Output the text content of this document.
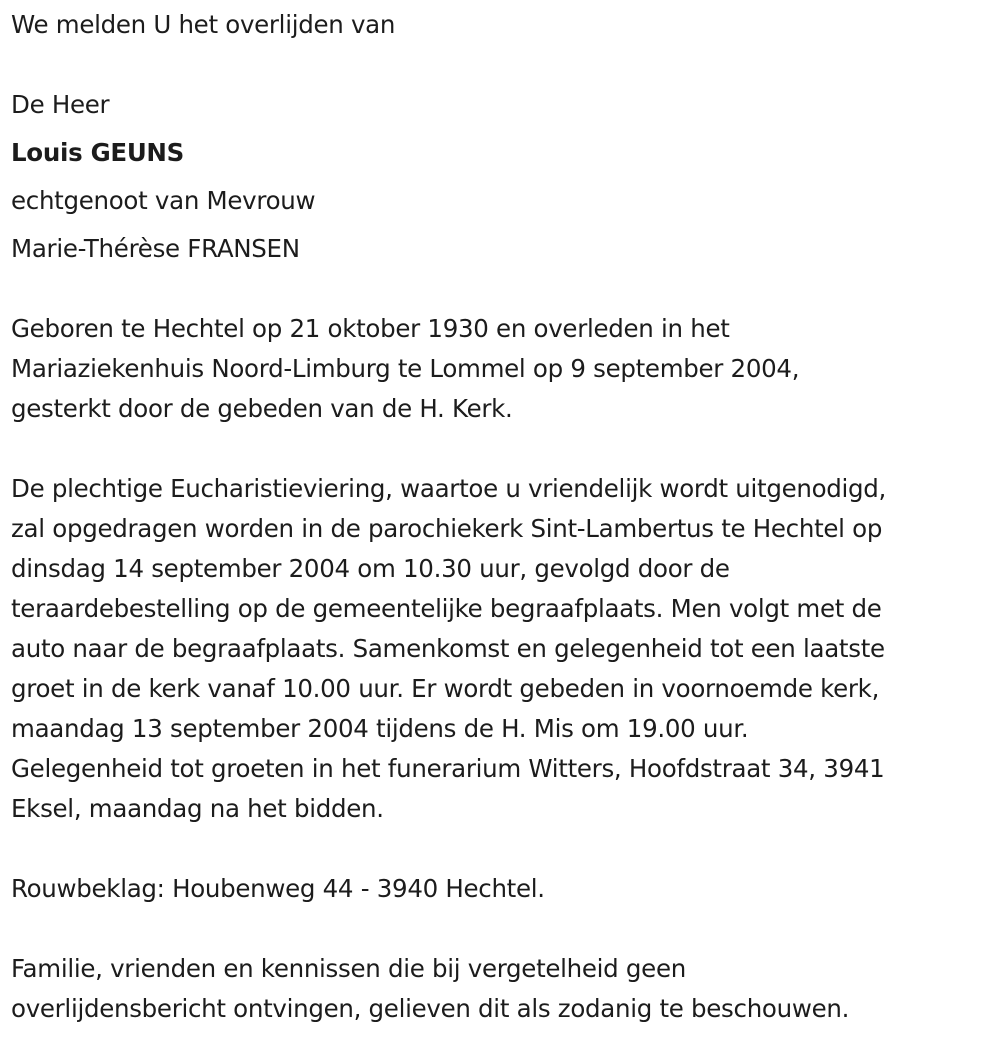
We melden U het overlijden van
De Heer
Louis GEUNS
echtgenoot van Mevrouw
Marie-Thérèse FRANSEN
Geboren te Hechtel op 21 oktober 1930 en overleden in het
Mariaziekenhuis Noord-Limburg te Lommel op 9 september 2004,
gesterkt door de gebeden van de H. Kerk.
De plechtige Eucharistieviering, waartoe u vriendelijk wordt uitgenodigd,
zal opgedragen worden in de parochiekerk Sint-Lambertus te Hechtel op
dinsdag 14 september 2004 om 10.30 uur, gevolgd door de
teraardebestelling op de gemeentelijke begraafplaats. Men volgt met de
auto naar de begraafplaats. Samenkomst en gelegenheid tot een laatste
groet in de kerk vanaf 10.00 uur. Er wordt gebeden in voornoemde kerk,
maandag 13 september 2004 tijdens de H. Mis om 19.00 uur.
Gelegenheid tot groeten in het funerarium Witters, Hoofdstraat 34, 3941
Eksel, maandag na het bidden.
Rouwbeklag: Houbenweg 44 - 3940 Hechtel.
Familie, vrienden en kennissen die bij vergetelheid geen
overlijdensbericht ontvingen, gelieven dit als zodanig te beschouwen.
